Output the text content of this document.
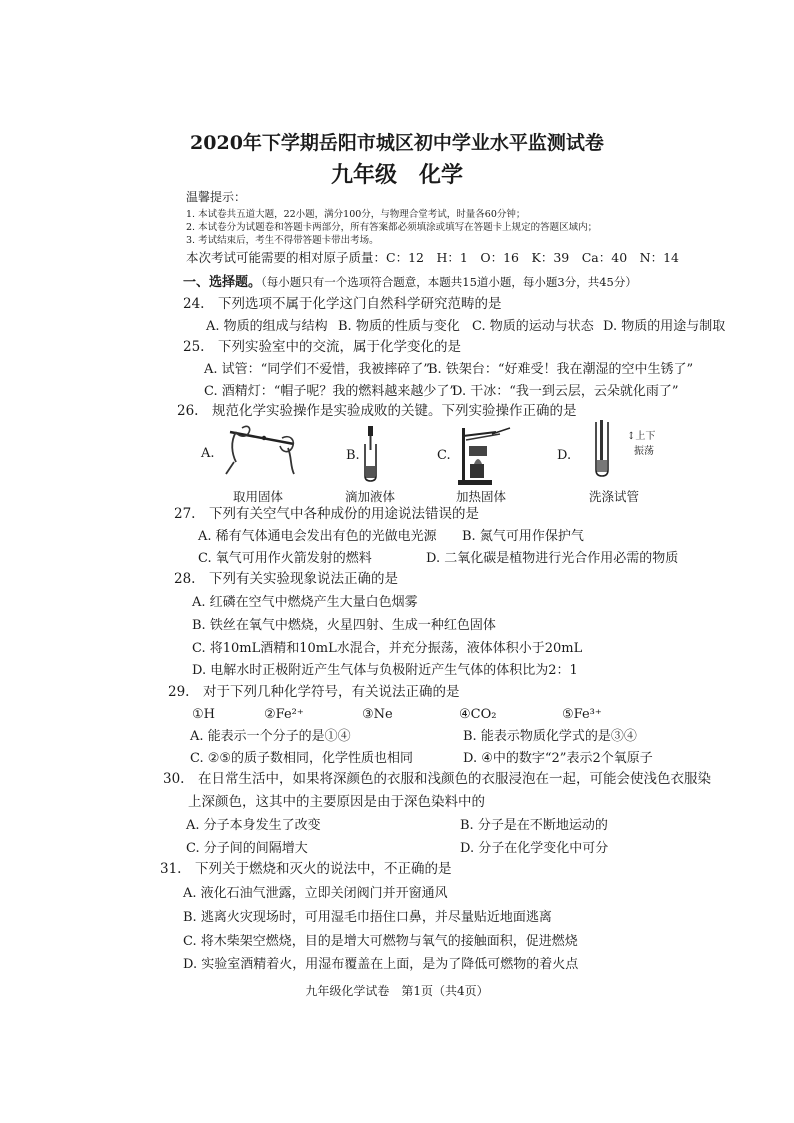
2020年下学期岳阳市城区初中学业水平监测试卷
九年级　化学
温馨提示：
1. 本试卷共五道大题，22小题，满分100分，与物理合堂考试，时量各60分钟；
2. 本试卷分为试题卷和答题卡两部分，所有答案都必须填涂或填写在答题卡上规定的答题区域内；
3. 考试结束后，考生不得带答题卡带出考场。
本次考试可能需要的相对原子质量：C：12　H：1　O：16　K：39　Ca：40　N：14
一、选择题。（每小题只有一个选项符合题意，本题共15道小题，每小题3分，共45分）
24.　下列选项不属于化学这门自然科学研究范畴的是
A. 物质的组成与结构 B. 物质的性质与变化 C. 物质的运动与状态 D. 物质的用途与制取
25.　下列实验室中的交流，属于化学变化的是
A. 试管：“同学们不爱惜，我被摔碎了”
B. 铁架台：“好难受！我在潮湿的空中生锈了”
C. 酒精灯：“帽子呢？我的燃料越来越少了”
D. 干冰：“我一到云层，云朵就化雨了”
26.　规范化学实验操作是实验成败的关键。下列实验操作正确的是
A.	B.	C.	D.
↕上下
振荡
取用固体	滴加液体	加热固体	洗涤试管
27.　下列有关空气中各种成份的用途说法错误的是
A. 稀有气体通电会发出有色的光做电光源 B. 氮气可用作保护气
C. 氧气可用作火箭发射的燃料	D. 二氧化碳是植物进行光合作用必需的物质
28.　下列有关实验现象说法正确的是
A. 红磷在空气中燃烧产生大量白色烟雾
B. 铁丝在氧气中燃烧，火星四射、生成一种红色固体
C. 将10mL酒精和10mL水混合，并充分振荡，液体体积小于20mL
D. 电解水时正极附近产生气体与负极附近产生气体的体积比为2：1
29.　对于下列几种化学符号，有关说法正确的是
①H	②Fe²⁺	③Ne	④CO₂	⑤Fe³⁺
A. 能表示一个分子的是①④	B. 能表示物质化学式的是③④
C. ②⑤的质子数相同，化学性质也相同	D. ④中的数字“2”表示2个氧原子
30.　在日常生活中，如果将深颜色的衣服和浅颜色的衣服浸泡在一起，可能会使浅色衣服染
上深颜色，这其中的主要原因是由于深色染料中的
A. 分子本身发生了改变	B. 分子是在不断地运动的
C. 分子间的间隔增大	D. 分子在化学变化中可分
31.　下列关于燃烧和灭火的说法中，不正确的是
A. 液化石油气泄露，立即关闭阀门并开窗通风
B. 逃离火灾现场时，可用湿毛巾捂住口鼻，并尽量贴近地面逃离
C. 将木柴架空燃烧，目的是增大可燃物与氧气的接触面积，促进燃烧
D. 实验室酒精着火，用湿布覆盖在上面，是为了降低可燃物的着火点
九年级化学试卷　第1页（共4页）
